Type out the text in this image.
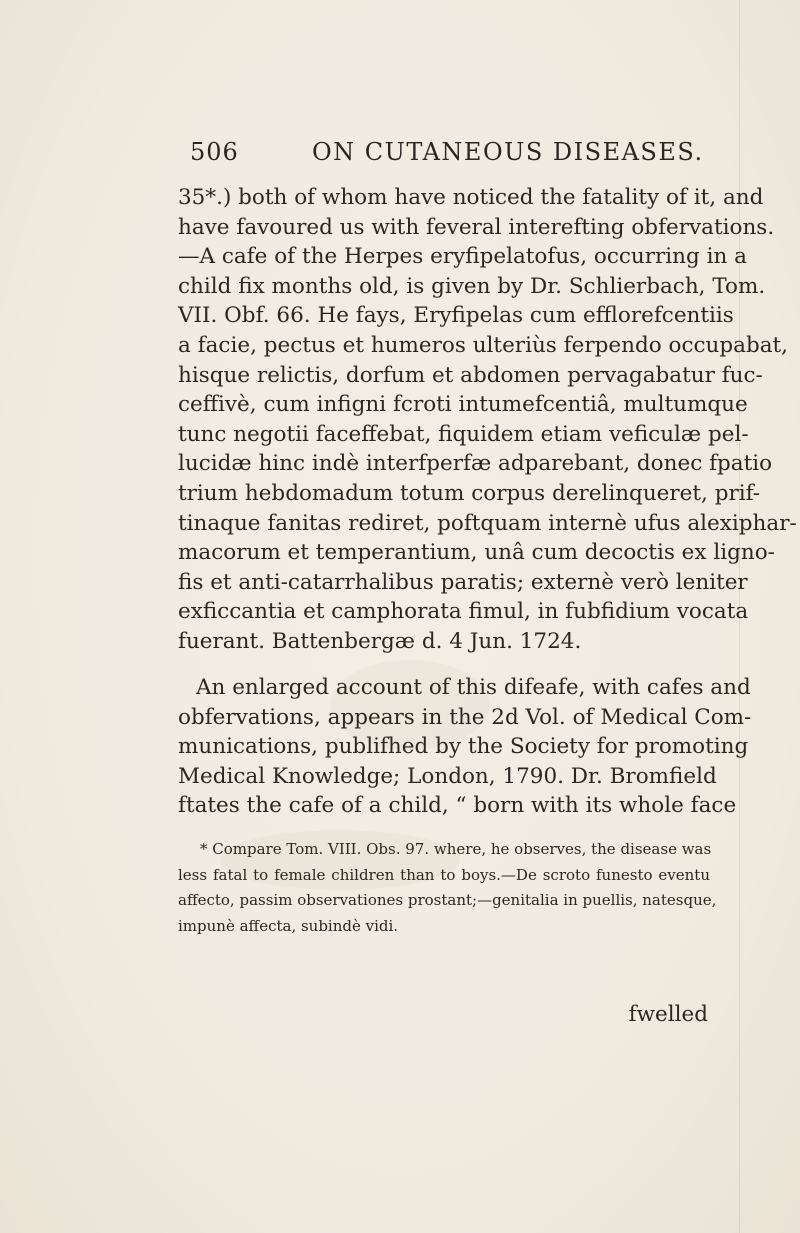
506	ON CUTANEOUS DISEASES.
35*.) both of whom have noticed the fatality of it, and
have favoured us with feveral interefting obfervations.
—A cafe of the Herpes eryfipelatofus, occurring in a
child fix months old, is given by Dr. Schlierbach, Tom.
VII. Obf. 66. He fays, Eryfipelas cum efflorefcentiis
a facie, pectus et humeros ulteriùs ferpendo occupabat,
hisque relictis, dorfum et abdomen pervagabatur fuc-
ceffivè, cum infigni fcroti intumefcentiâ, multumque
tunc negotii faceffebat, fiquidem etiam veficulæ pel-
lucidæ hinc indè interfperfæ adparebant, donec fpatio
trium hebdomadum totum corpus derelinqueret, prif-
tinaque fanitas rediret, poftquam internè ufus alexiphar-
macorum et temperantium, unâ cum decoctis ex ligno-
fis et anti-catarrhalibus paratis; externè verò leniter
exficcantia et camphorata fimul, in fubfidium vocata
fuerant. Battenbergæ d. 4 Jun. 1724.
An enlarged account of this difeafe, with cafes and
obfervations, appears in the 2d Vol. of Medical Com-
munications, publifhed by the Society for promoting
Medical Knowledge; London, 1790. Dr. Bromfield
ftates the cafe of a child, “ born with its whole face
* Compare Tom. VIII. Obs. 97. where, he observes, the disease was
less fatal to female children than to boys.—De scroto funesto eventu
affecto, passim observationes prostant;—genitalia in puellis, natesque,
impunè affecta, subindè vidi.
fwelled
